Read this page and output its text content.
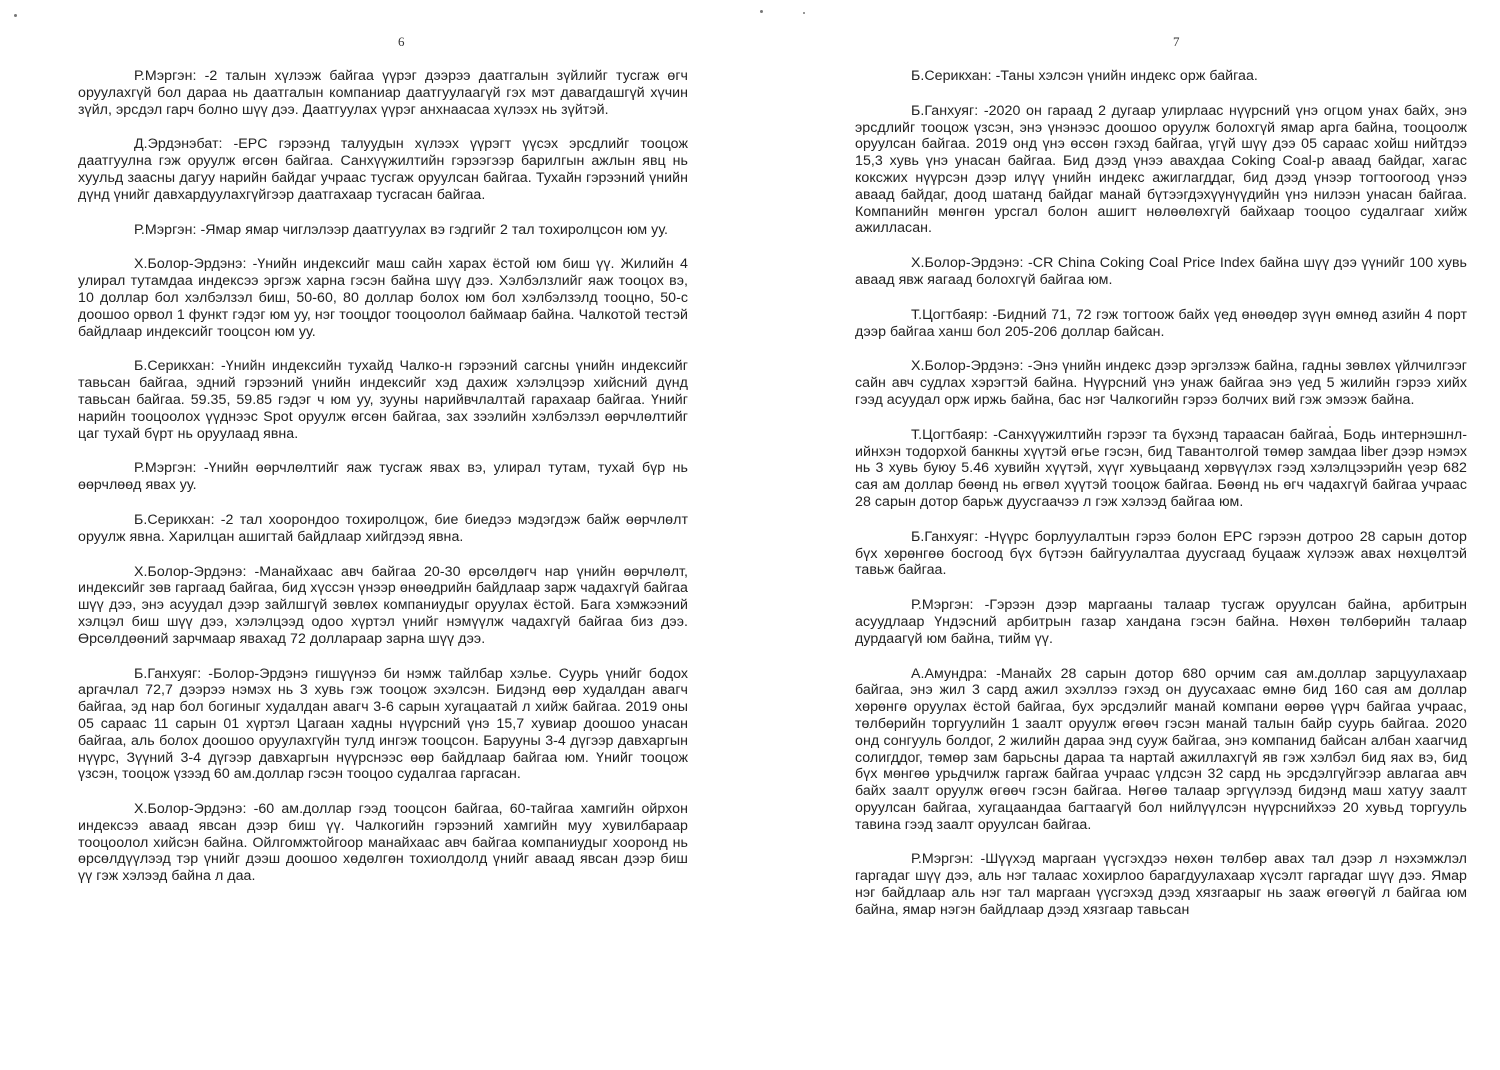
6

Р.Мэргэн: -2 талын хүлээж байгаа үүрэг дээрээ даатгалын зүйлийг тусгаж өгч оруулахгүй бол дараа нь даатгалын компаниар даатгуулаагүй гэх мэт давагдашгүй хүчин зүйл, эрсдэл гарч болно шүү дээ. Даатгуулах үүрэг анхнаасаа хүлээх нь зүйтэй.

Д.Эрдэнэбат: -EPC гэрээнд талуудын хүлээх үүрэгт үүсэх эрсдлийг тооцож даатгуулна гэж оруулж өгсөн байгаа. Санхүүжилтийн гэрээгээр барилгын ажлын явц нь хуульд заасны дагуу нарийн байдаг учраас тусгаж оруулсан байгаа. Тухайн гэрээний үнийн дүнд үнийг давхардуулахгүйгээр даатгахаар тусгасан байгаа.

Р.Мэргэн: -Ямар ямар чиглэлээр даатгуулах вэ гэдгийг 2 тал тохиролцсон юм уу.

Х.Болор-Эрдэнэ: -Үнийн индексийг маш сайн харах ёстой юм биш үү. Жилийн 4 улирал тутамдаа индексээ эргэж харна гэсэн байна шүү дээ. Хэлбэлзлийг яаж тооцох вэ, 10 доллар бол хэлбэлзэл биш, 50-60, 80 доллар болох юм бол хэлбэлзэлд тооцно, 50-с доошоо орвол 1 функт гэдэг юм уу, нэг тооцдог тооцоолол баймаар байна. Чалкотой тестэй байдлаар индексийг тооцсон юм уу.

Б.Серикхан: -Үнийн индексийн тухайд Чалко-н гэрээний сагсны үнийн индексийг тавьсан байгаа, эдний гэрээний үнийн индексийг хэд дахиж хэлэлцээр хийсний дүнд тавьсан байгаа. 59.35, 59.85 гэдэг ч юм уу, зууны нарийвчлалтай гарахаар байгаа. Үнийг нарийн тооцоолох үүднээс Spot оруулж өгсөн байгаа, зах зээлийн хэлбэлзэл өөрчлөлтийг цаг тухай бүрт нь оруулаад явна.

Р.Мэргэн: -Үнийн өөрчлөлтийг яаж тусгаж явах вэ, улирал тутам, тухай бүр нь өөрчлөөд явах уу.

Б.Серикхан: -2 тал хоорондоо тохиролцож, бие биедээ мэдэгдэж байж өөрчлөлт оруулж явна. Харилцан ашигтай байдлаар хийгдээд явна.

Х.Болор-Эрдэнэ: -Манайхаас авч байгаа 20-30 өрсөлдөгч нар үнийн өөрчлөлт, индексийг зөв гаргаад байгаа, бид хүссэн үнээр өнөөдрийн байдлаар зарж чадахгүй байгаа шүү дээ, энэ асуудал дээр зайлшгүй зөвлөх компаниудыг оруулах ёстой. Бага хэмжээний хэлцэл биш шүү дээ, хэлэлцээд одоо хүртэл үнийг нэмүүлж чадахгүй байгаа биз дээ. Өрсөлдөөний зарчмаар явахад 72 доллараар зарна шүү дээ.

Б.Ганхуяг: -Болор-Эрдэнэ гишүүнээ би нэмж тайлбар хэлье. Суурь үнийг бодох аргачлал 72,7 дээрээ нэмэх нь 3 хувь гэж тооцож эхэлсэн. Бидэнд өөр худалдан авагч байгаа, эд нар бол богиныг худалдан авагч 3-6 сарын хугацаатай л хийж байгаа. 2019 оны 05 сараас 11 сарын 01 хүртэл Цагаан хадны нүүрсний үнэ 15,7 хувиар доошоо унасан байгаа, аль болох доошоо оруулахгүйн тулд ингэж тооцсон. Барууны 3-4 дүгээр давхаргын нүүрс, Зүүний 3-4 дүгээр давхаргын нүүрснээс өөр байдлаар байгаа юм. Үнийг тооцож үзсэн, тооцож үзээд 60 ам.доллар гэсэн тооцоо судалгаа гаргасан.

Х.Болор-Эрдэнэ: -60 ам.доллар гээд тооцсон байгаа, 60-тайгаа хамгийн ойрхон индексээ аваад явсан дээр биш үү. Чалкогийн гэрээний хамгийн муу хувилбараар тооцоолол хийсэн байна. Ойлгомжтойгоор манайхаас авч байгаа компаниудыг хооронд нь өрсөлдүүлээд тэр үнийг дээш доошоо хөдөлгөн тохиолдолд үнийг аваад явсан дээр биш үү гэж хэлээд байна л даа.

7

Б.Серикхан: -Таны хэлсэн үнийн индекс орж байгаа.

Б.Ганхуяг: -2020 он гараад 2 дугаар улирлаас нүүрсний үнэ огцом унах байх, энэ эрсдлийг тооцож үзсэн, энэ үнэнээс доошоо оруулж болохгүй ямар арга байна, тооцоолж оруулсан байгаа. 2019 онд үнэ өссөн гэхэд байгаа, үгүй шүү дээ 05 сараас хойш нийтдээ 15,3 хувь үнэ унасан байгаа. Бид дээд үнээ авахдаа Coking Coal-р аваад байдаг, хагас коксжих нүүрсэн дээр илүү үнийн индекс ажиглагддаг, бид дээд үнээр тогтоогоод үнээ аваад байдаг, доод шатанд байдаг манай бүтээгдэхүүнүүдийн үнэ нилээн унасан байгаа. Компанийн мөнгөн урсгал болон ашигт нөлөөлөхгүй байхаар тооцоо судалгааг хийж ажилласан.

Х.Болор-Эрдэнэ: -CR China Coking Coal Price Index байна шүү дээ үүнийг 100 хувь аваад явж яагаад болохгүй байгаа юм.

Т.Цогтбаяр: -Бидний 71, 72 гэж тогтоож байх үед өнөөдөр зүүн өмнөд азийн 4 порт дээр байгаа ханш бол 205-206 доллар байсан.

Х.Болор-Эрдэнэ: -Энэ үнийн индекс дээр эргэлзэж байна, гадны зөвлөх үйлчилгээг сайн авч судлах хэрэгтэй байна. Нүүрсний үнэ унаж байгаа энэ үед 5 жилийн гэрээ хийх гээд асуудал орж иржь байна, бас нэг Чалкогийн гэрээ болчих вий гэж эмээж байна.

Т.Цогтбаяр: -Санхүүжилтийн гэрээг та бүхэнд тараасан байгаа, Бодь интернэшнл-ийнхэн тодорхой банкны хүүтэй өгье гэсэн, бид Тавантолгой төмөр замдаа liber дээр нэмэх нь 3 хувь буюу 5.46 хувийн хүүтэй, хүүг хувьцаанд хөрвүүлэх гээд хэлэлцээрийн үеэр 682 сая ам доллар бөөнд нь өгвөл хүүтэй тооцож байгаа. Бөөнд нь өгч чадахгүй байгаа учраас 28 сарын дотор барьж дуусгаачээ л гэж хэлээд байгаа юм.

Б.Ганхуяг: -Нүүрс борлуулалтын гэрээ болон EPC гэрээн дотроо 28 сарын дотор бүх хөрөнгөө босгоод бүх бүтээн байгуулалтаа дуусгаад буцааж хүлээж авах нөхцөлтэй тавьж байгаа.

Р.Мэргэн: -Гэрээн дээр маргааны талаар тусгаж оруулсан байна, арбитрын асуудлаар Үндэсний арбитрын газар хандана гэсэн байна. Нөхөн төлбөрийн талаар дурдаагүй юм байна, тийм үү.

А.Амундра: -Манайх 28 сарын дотор 680 орчим сая ам.доллар зарцуулахаар байгаа, энэ жил 3 сард ажил эхэллээ гэхэд он дуусахаас өмнө бид 160 сая ам доллар хөрөнгө оруулах ёстой байгаа, бух эрсдэлийг манай компани өөрөө үүрч байгаа учраас, төлбөрийн торгуулийн 1 заалт оруулж өгөөч гэсэн манай талын байр суурь байгаа. 2020 онд сонгууль болдог, 2 жилийн дараа энд сууж байгаа, энэ компанид байсан албан хаагчид солигддог, төмөр зам барьсны дараа та нартай ажиллахгүй яв гэж хэлбэл бид яах вэ, бид бүх мөнгөө урьдчилж гаргаж байгаа учраас үлдсэн 32 сард нь эрсдэлгүйгээр авлагаа авч байх заалт оруулж өгөөч гэсэн байгаа. Нөгөө талаар эргүүлээд бидэнд маш хатуу заалт оруулсан байгаа, хугацаандаа багтаагүй бол нийлүүлсэн нүүрснийхээ 20 хувьд торгууль тавина гээд заалт оруулсан байгаа.

Р.Мэргэн: -Шүүхэд маргаан үүсгэхдээ нөхөн төлбөр авах тал дээр л нэхэмжлэл гаргадаг шүү дээ, аль нэг талаас хохирлоо барагдуулахаар хүсэлт гаргадаг шүү дээ. Ямар нэг байдлаар аль нэг тал маргаан үүсгэхэд дээд хязгаарыг нь зааж өгөөгүй л байгаа юм байна, ямар нэгэн байдлаар дээд хязгаар тавьсан
